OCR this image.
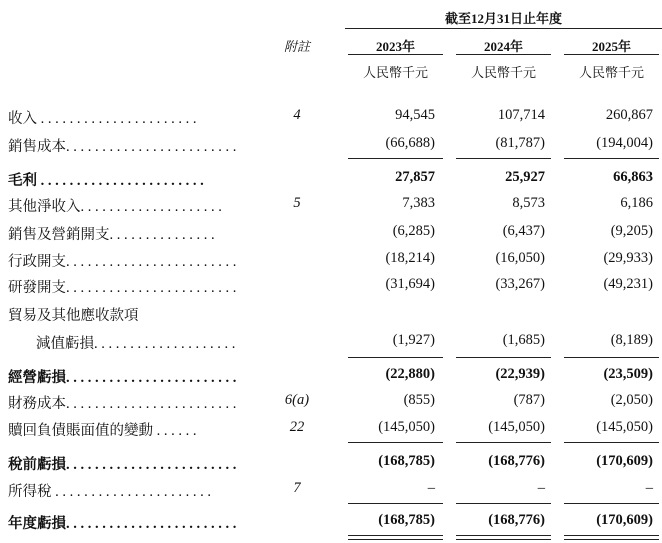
截至12月31日止年度
附註	2023年	2024年	2025年
人民幣千元	人民幣千元	人民幣千元
收入 . . . . . . . . . . . . . . . . . . . . . .	4	94,545	107,714	260,867
銷售成本. . . . . . . . . . . . . . . . . . . . . . . .	(66,688)	(81,787)	(194,004)
毛利 . . . . . . . . . . . . . . . . . . . . . . .	27,857	25,927	66,863
其他淨收入. . . . . . . . . . . . . . . . . . . .	5	7,383	8,573	6,186
銷售及營銷開支. . . . . . . . . . . . . . .	(6,285)	(6,437)	(9,205)
行政開支. . . . . . . . . . . . . . . . . . . . . . . .	(18,214)	(16,050)	(29,933)
研發開支. . . . . . . . . . . . . . . . . . . . . . . .	(31,694)	(33,267)	(49,231)
貿易及其他應收款項
減值虧損. . . . . . . . . . . . . . . . . . . .	(1,927)	(1,685)	(8,189)
經營虧損. . . . . . . . . . . . . . . . . . . . . . . .	(22,880)	(22,939)	(23,509)
財務成本. . . . . . . . . . . . . . . . . . . . . . . .	6(a)	(855)	(787)	(2,050)
贖回負債賬面值的變動 . . . . . .	22	(145,050)	(145,050)	(145,050)
稅前虧損. . . . . . . . . . . . . . . . . . . . . . . .	(168,785)	(168,776)	(170,609)
所得稅 . . . . . . . . . . . . . . . . . . . . . .	7	–	–	–
年度虧損. . . . . . . . . . . . . . . . . . . . . . . .	(168,785)	(168,776)	(170,609)
